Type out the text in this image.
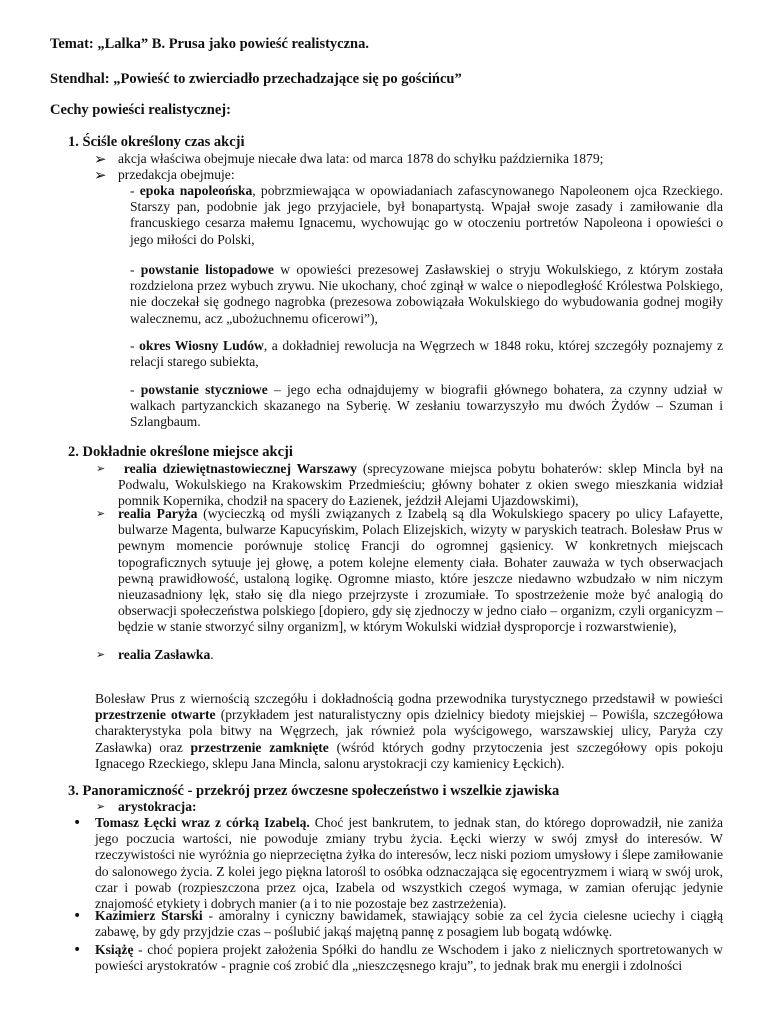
Temat: „Lalka” B. Prusa jako powieść realistyczna.
Stendhal: „Powieść to zwierciadło przechadzające się po gościńcu”
Cechy powieści realistycznej:
1. Ściśle określony czas akcji
➢ akcja właściwa obejmuje niecałe dwa lata: od marca 1878 do schyłku października 1879;
➢ przedakcja obejmuje:
- epoka napoleońska, pobrzmiewająca w opowiadaniach zafascynowanego Napoleonem ojca Rzeckiego. Starszy pan, podobnie jak jego przyjaciele, był bonapartystą. Wpajał swoje zasady i zamiłowanie dla francuskiego cesarza małemu Ignacemu, wychowując go w otoczeniu portretów Napoleona i opowieści o jego miłości do Polski,
- powstanie listopadowe w opowieści prezesowej Zasławskiej o stryju Wokulskiego, z którym została rozdzielona przez wybuch zrywu. Nie ukochany, choć zginął w walce o niepodległość Królestwa Polskiego, nie doczekał się godnego nagrobka (prezesowa zobowiązała Wokulskiego do wybudowania godnej mogiły walecznemu, acz „ubożuchnemu oficerowi”),
- okres Wiosny Ludów, a dokładniej rewolucja na Węgrzech w 1848 roku, której szczegóły poznajemy z relacji starego subiekta,
- powstanie styczniowe – jego echa odnajdujemy w biografii głównego bohatera, za czynny udział w walkach partyzanckich skazanego na Syberię. W zesłaniu towarzyszyło mu dwóch Żydów – Szuman i Szlangbaum.
2. Dokładnie określone miejsce akcji
➢	realia dziewiętnastowiecznej Warszawy (sprecyzowane miejsca pobytu bohaterów: sklep Mincla był na Podwalu, Wokulskiego na Krakowskim Przedmieściu; główny bohater z okien swego mieszkania widział pomnik Kopernika, chodził na spacery do Łazienek, jeździł Alejami Ujazdowskimi),
➢ realia Paryża (wycieczką od myśli związanych z Izabelą są dla Wokulskiego spacery po ulicy Lafayette, bulwarze Magenta, bulwarze Kapucyńskim, Polach Elizejskich, wizyty w paryskich teatrach. Bolesław Prus w pewnym momencie porównuje stolicę Francji do ogromnej gąsienicy. W konkretnych miejscach topograficznych sytuuje jej głowę, a potem kolejne elementy ciała. Bohater zauważa w tych obserwacjach pewną prawidłowość, ustaloną logikę. Ogromne miasto, które jeszcze niedawno wzbudzało w nim niczym nieuzasadniony lęk, stało się dla niego przejrzyste i zrozumiałe. To spostrzeżenie może być analogią do obserwacji społeczeństwa polskiego [dopiero, gdy się zjednoczy w jedno ciało – organizm, czyli organicyzm – będzie w stanie stworzyć silny organizm], w którym Wokulski widział dysproporcje i rozwarstwienie),
➢ realia Zasławka.
Bolesław Prus z wiernością szczegółu i dokładnością godna przewodnika turystycznego przedstawił w powieści przestrzenie otwarte (przykładem jest naturalistyczny opis dzielnicy biedoty miejskiej – Powiśla, szczegółowa charakterystyka pola bitwy na Węgrzech, jak również pola wyścigowego, warszawskiej ulicy, Paryża czy Zasławka) oraz przestrzenie zamknięte (wśród których godny przytoczenia jest szczegółowy opis pokoju Ignacego Rzeckiego, sklepu Jana Mincla, salonu arystokracji czy kamienicy Łęckich).
3. Panoramiczność - przekrój przez ówczesne społeczeństwo i wszelkie zjawiska
➢ arystokracja:
• Tomasz Łęcki wraz z córką Izabelą. Choć jest bankrutem, to jednak stan, do którego doprowadził, nie zaniża jego poczucia wartości, nie powoduje zmiany trybu życia. Łęcki wierzy w swój zmysł do interesów. W rzeczywistości nie wyróżnia go nieprzeciętna żyłka do interesów, lecz niski poziom umysłowy i ślepe zamiłowanie do salonowego życia. Z kolei jego piękna latorośl to osóbka odznaczająca się egocentryzmem i wiarą w swój urok, czar i powab (rozpieszczona przez ojca, Izabela od wszystkich czegoś wymaga, w zamian oferując jedynie znajomość etykiety i dobrych manier (a i to nie pozostaje bez zastrzeżenia).
• Kazimierz Starski - amoralny i cyniczny bawidamek, stawiający sobie za cel życia cielesne uciechy i ciągłą zabawę, by gdy przyjdzie czas – poślubić jakąś majętną pannę z posagiem lub bogatą wdówkę.
• Książę - choć popiera projekt założenia Spółki do handlu ze Wschodem i jako z nielicznych sportretowanych w powieści arystokratów - pragnie coś zrobić dla „nieszczęsnego kraju”, to jednak brak mu energii i zdolności
